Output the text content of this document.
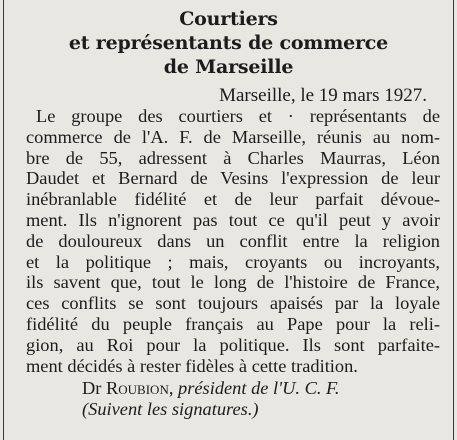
Courtiers
et représentants de commerce
de Marseille
Marseille, le 19 mars 1927.
Le groupe des courtiers et · représentants de
commerce de l'A. F. de Marseille, réunis au nom-
bre de 55, adressent à Charles Maurras, Léon
Daudet et Bernard de Vesins l'expression de leur
inébranlable fidélité et de leur parfait dévoue-
ment. Ils n'ignorent pas tout ce qu'il peut y avoir
de douloureux dans un conflit entre la religion
et la politique ; mais, croyants ou incroyants,
ils savent que, tout le long de l'histoire de France,
ces conflits se sont toujours apaisés par la loyale
fidélité du peuple français au Pape pour la reli-
gion, au Roi pour la politique. Ils sont parfaite-
ment décidés à rester fidèles à cette tradition.
Dr Roubion, président de l'U. C. F.
(Suivent les signatures.)
